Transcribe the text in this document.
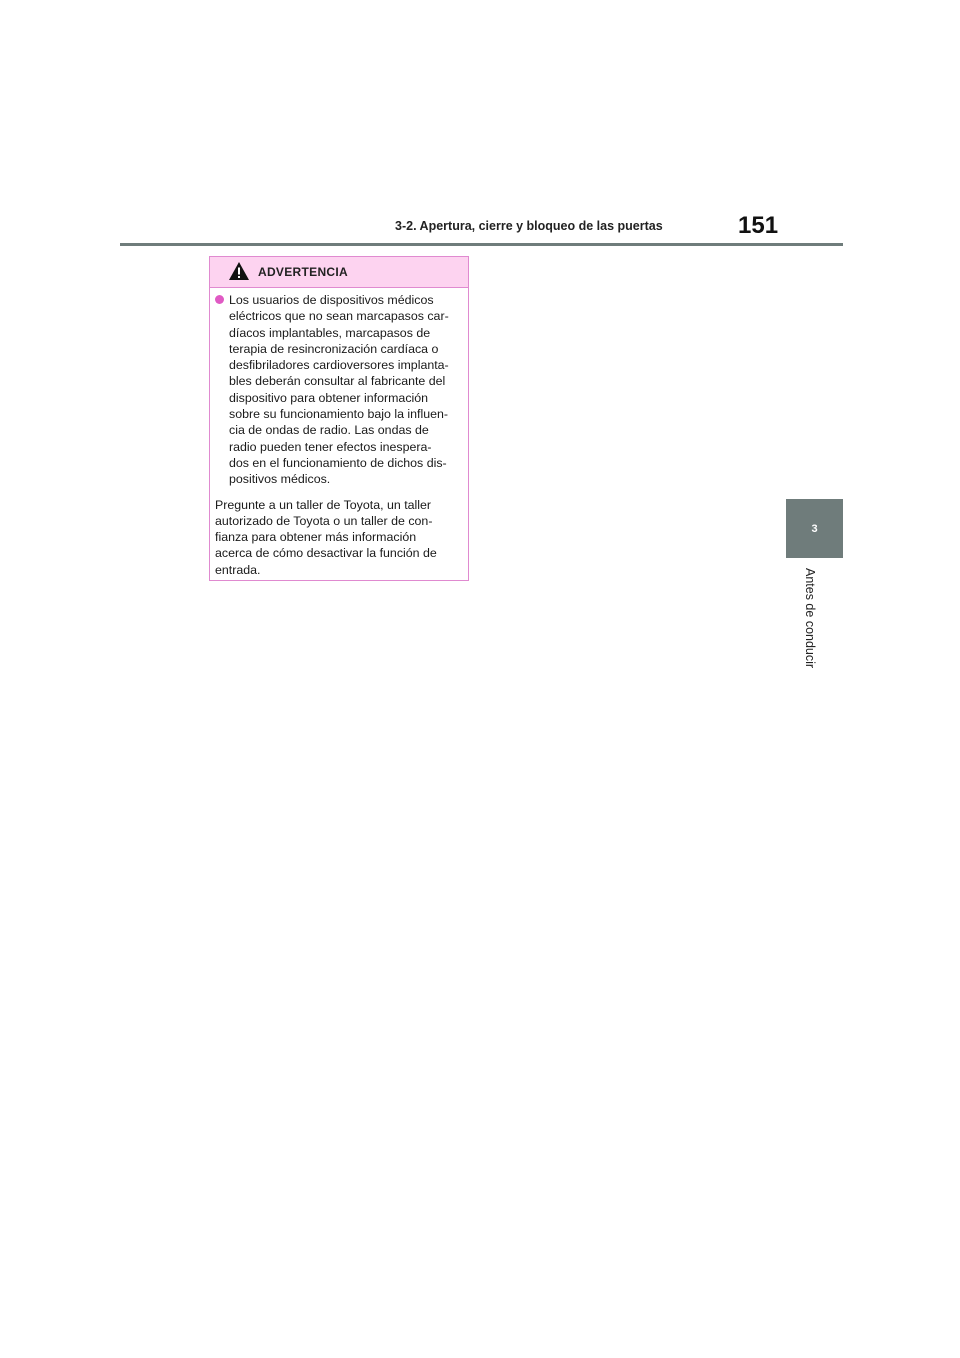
3-2. Apertura, cierre y bloqueo de las puertas	151
3
Antes de conducir
ADVERTENCIA
Los usuarios de dispositivos médicos
eléctricos que no sean marcapasos car-
díacos implantables, marcapasos de
terapia de resincronización cardíaca o
desfibriladores cardioversores implanta-
bles deberán consultar al fabricante del
dispositivo para obtener información
sobre su funcionamiento bajo la influen-
cia de ondas de radio. Las ondas de
radio pueden tener efectos inespera-
dos en el funcionamiento de dichos dis-
positivos médicos.
Pregunte a un taller de Toyota, un taller
autorizado de Toyota o un taller de con-
fianza para obtener más información
acerca de cómo desactivar la función de
entrada.
